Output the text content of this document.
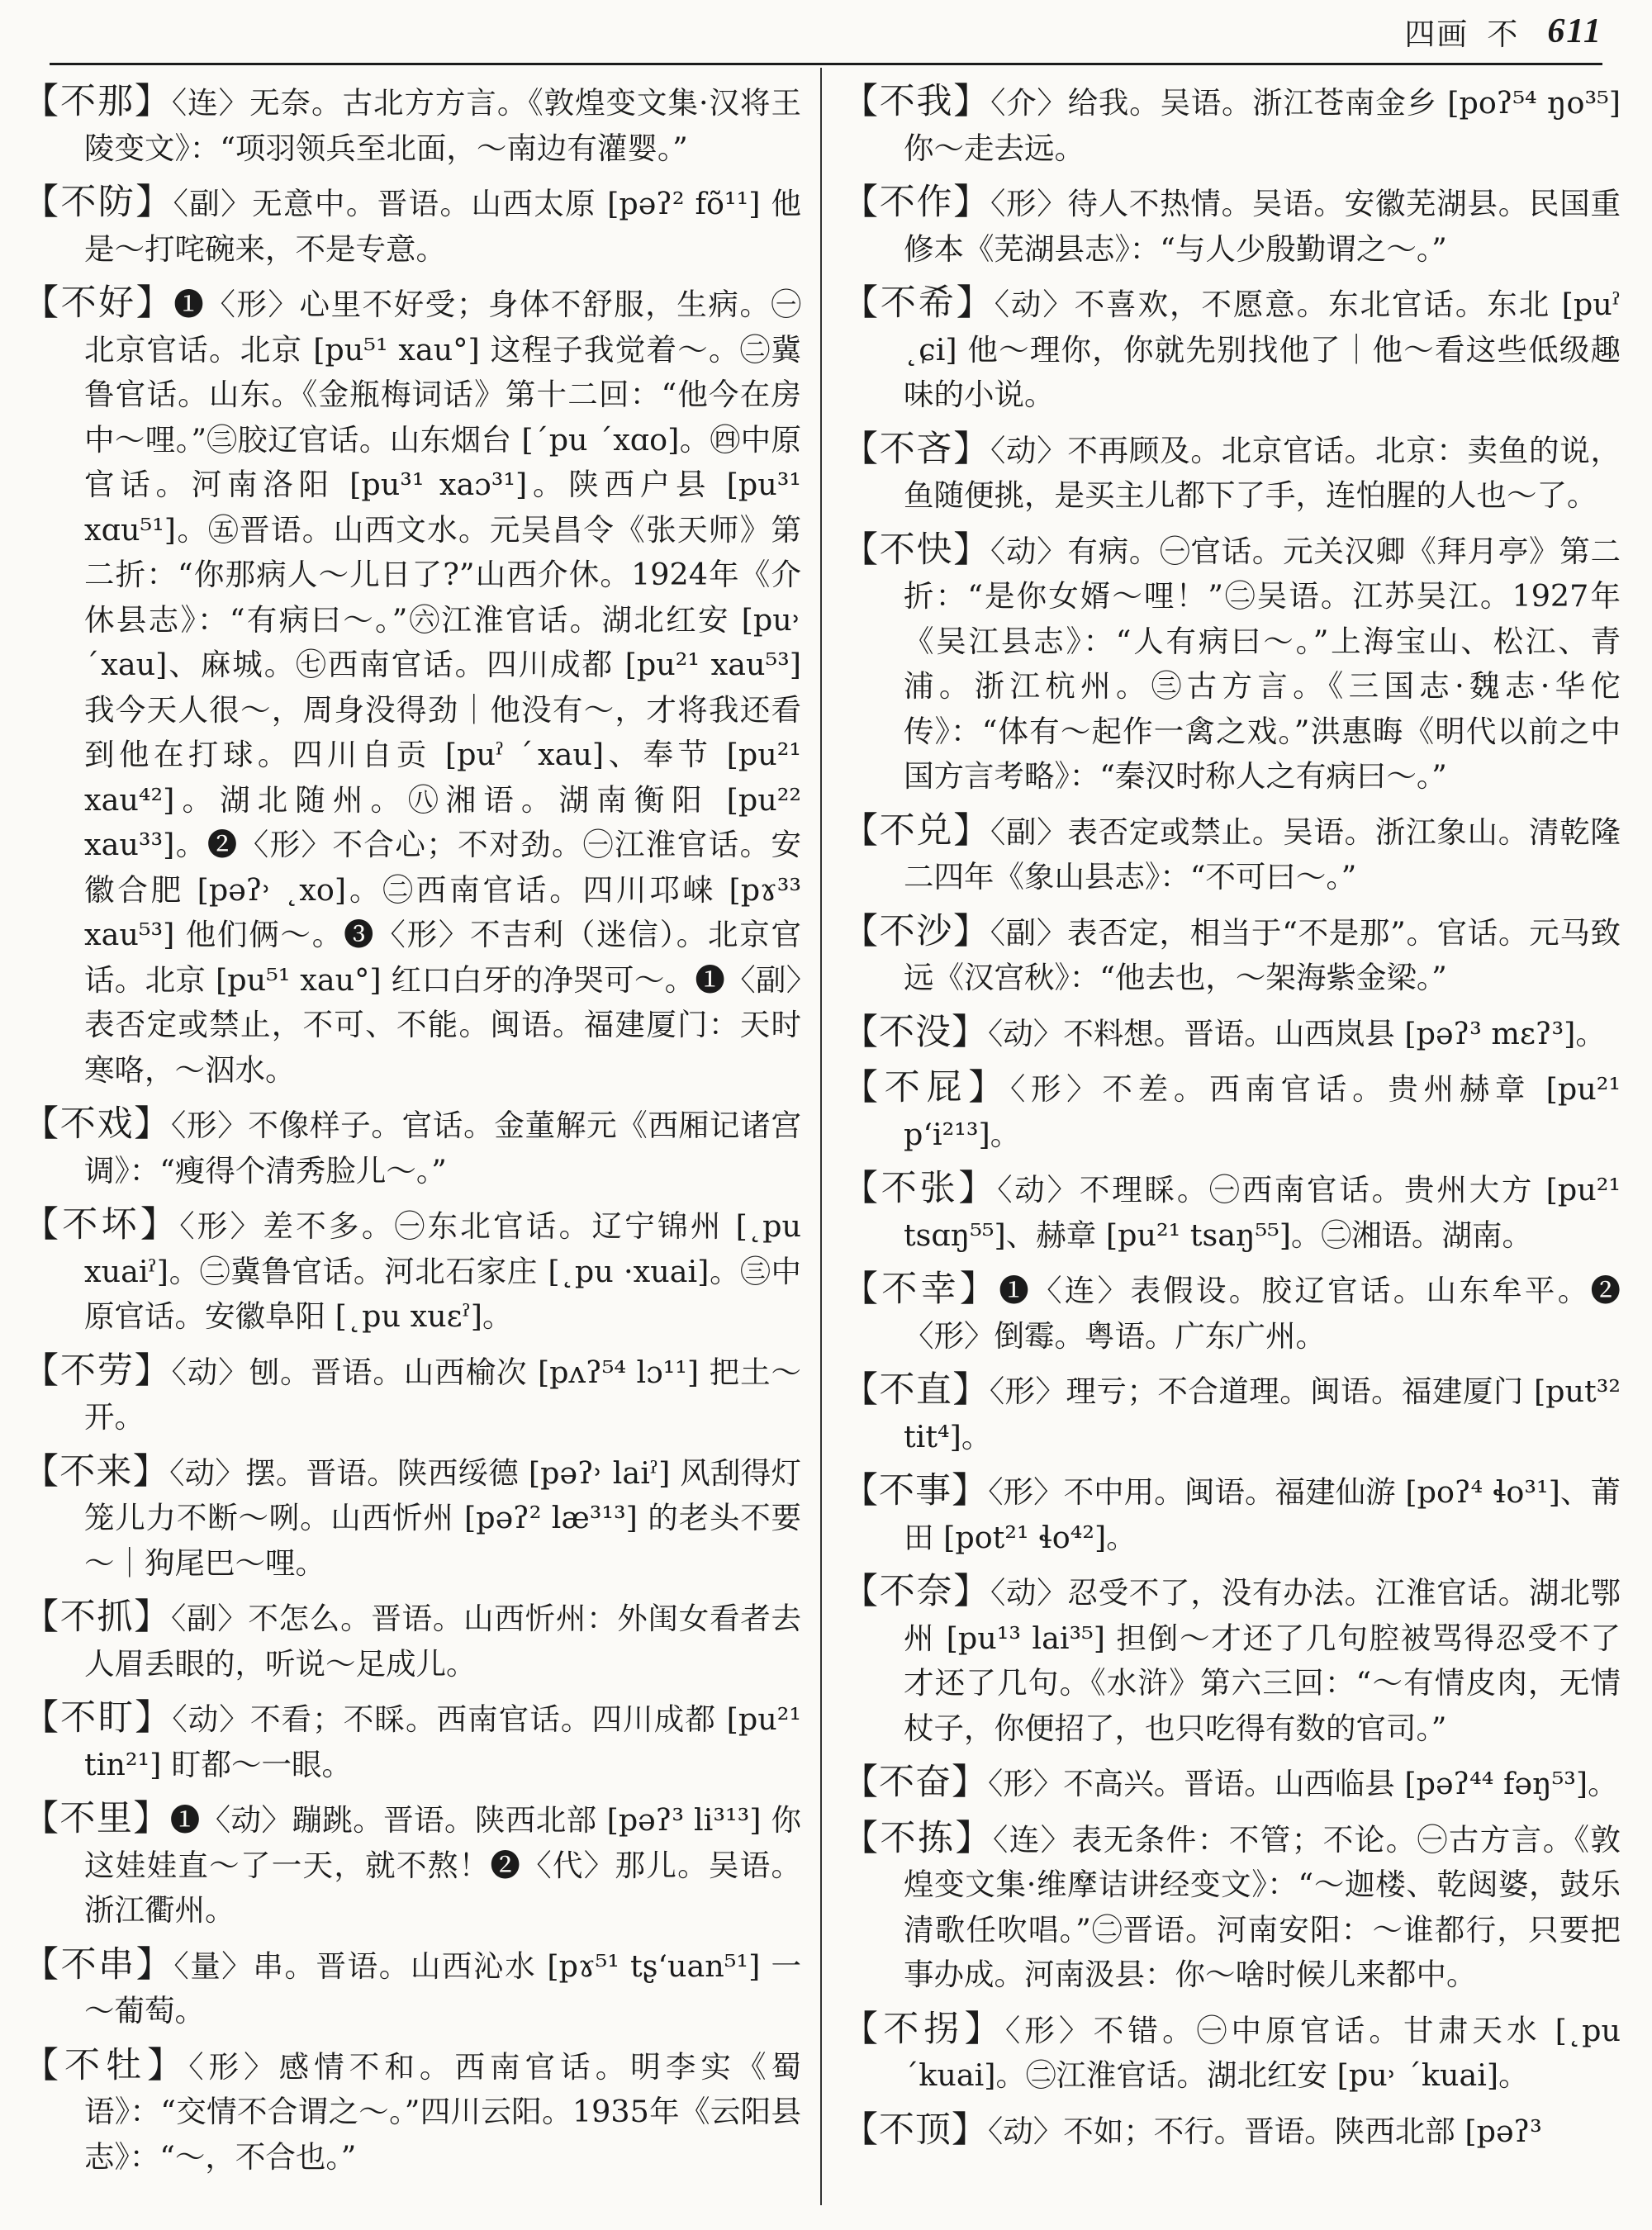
四画 不 611

【不那】〈连〉无奈。古北方方言。《敦煌变文集·汉将王陵变文》：“项羽领兵至北面，～南边有灌婴。”

【不防】〈副〉无意中。晋语。山西太原 [pəʔ² fõ¹¹] 他是～打咤碗来，不是专意。

【不好】❶〈形〉心里不好受；身体不舒服，生病。㊀北京官话。北京 [pu⁵¹ xau°] 这程子我觉着～。㊁冀鲁官话。山东。《金瓶梅词话》第十二回：“他今在房中～哩。”㊂胶辽官话。山东烟台 [ˊpu ˊxɑo]。㊃中原官话。河南洛阳 [pu³¹ xaɔ³¹]。陕西户县 [pu³¹ xɑu⁵¹]。㊄晋语。山西文水。元吴昌令《张天师》第二折：“你那病人～儿日了?”山西介休。1924年《介休县志》：“有病曰～。”㊅江淮官话。湖北红安 [pu˒ ˊxau]、麻城。㊆西南官话。四川成都 [pu²¹ xau⁵³] 我今天人很～，周身没得劲｜他没有～，才将我还看到他在打球。四川自贡 [puˀ ˊxau]、奉节 [pu²¹ xau⁴²]。湖北随州。㊇湘语。湖南衡阳 [pu²² xau³³]。❷〈形〉不合心；不对劲。㊀江淮官话。安徽合肥 [pəʔ˒ ˛xo]。㊁西南官话。四川邛崃 [pɤ³³ xau⁵³] 他们俩～。❸〈形〉不吉利（迷信）。北京官话。北京 [pu⁵¹ xau°] 红口白牙的净哭可～。❶〈副〉表否定或禁止，不可、不能。闽语。福建厦门：天时寒咯，～泅水。

【不戏】〈形〉不像样子。官话。金董解元《西厢记诸宫调》：“瘦得个清秀脸儿～。”

【不坏】〈形〉差不多。㊀东北官话。辽宁锦州 [˛pu xuaiˀ]。㊁冀鲁官话。河北石家庄 [˛pu ·xuai]。㊂中原官话。安徽阜阳 [˛pu xuεˀ]。

【不劳】〈动〉刨。晋语。山西榆次 [pʌʔ⁵⁴ lɔ¹¹] 把土～开。

【不来】〈动〉摆。晋语。陕西绥德 [pəʔ˒ laiˀ] 风刮得灯笼儿力不断～咧。山西忻州 [pəʔ² læ³¹³] 的老头不要～｜狗尾巴～哩。

【不抓】〈副〉不怎么。晋语。山西忻州：外闺女看者去人眉丢眼的，听说～足成儿。

【不盯】〈动〉不看；不睬。西南官话。四川成都 [pu²¹ tin²¹] 盯都～一眼。

【不里】❶〈动〉蹦跳。晋语。陕西北部 [pəʔ³ li³¹³] 你这娃娃直～了一天，就不熬！❷〈代〉那儿。吴语。浙江衢州。

【不串】〈量〉串。晋语。山西沁水 [pɤ⁵¹ tʂʻuan⁵¹] 一～葡萄。

【不牡】〈形〉感情不和。西南官话。明李实《蜀语》：“交情不合谓之～。”四川云阳。1935年《云阳县志》：“～，不合也。”

【不我】〈介〉给我。吴语。浙江苍南金乡 [poʔ⁵⁴ ŋo³⁵] 你～走去远。

【不作】〈形〉待人不热情。吴语。安徽芜湖县。民国重修本《芜湖县志》：“与人少殷勤谓之～。”

【不希】〈动〉不喜欢，不愿意。东北官话。东北 [puˀ ˛ɕi] 他～理你，你就先别找他了｜他～看这些低级趣味的小说。

【不吝】〈动〉不再顾及。北京官话。北京：卖鱼的说，鱼随便挑，是买主儿都下了手，连怕腥的人也～了。

【不快】〈动〉有病。㊀官话。元关汉卿《拜月亭》第二折：“是你女婿～哩！”㊁吴语。江苏吴江。1927年《吴江县志》：“人有病曰～。”上海宝山、松江、青浦。浙江杭州。㊂古方言。《三国志·魏志·华佗传》：“体有～起作一禽之戏。”洪惠晦《明代以前之中国方言考略》：“秦汉时称人之有病曰～。”

【不兑】〈副〉表否定或禁止。吴语。浙江象山。清乾隆二四年《象山县志》：“不可曰～。”

【不沙】〈副〉表否定，相当于“不是那”。官话。元马致远《汉宫秋》：“他去也，～架海紫金梁。”

【不没】〈动〉不料想。晋语。山西岚县 [pəʔ³ mεʔ³]。

【不屁】〈形〉不差。西南官话。贵州赫章 [pu²¹ pʻi²¹³]。

【不张】〈动〉不理睬。㊀西南官话。贵州大方 [pu²¹ tsɑŋ⁵⁵]、赫章 [pu²¹ tsaŋ⁵⁵]。㊁湘语。湖南。

【不幸】❶〈连〉表假设。胶辽官话。山东牟平。❷〈形〉倒霉。粤语。广东广州。

【不直】〈形〉理亏；不合道理。闽语。福建厦门 [put³² tit⁴]。

【不事】〈形〉不中用。闽语。福建仙游 [poʔ⁴ ɬo³¹]、莆田 [pot²¹ ɬo⁴²]。

【不奈】〈动〉忍受不了，没有办法。江淮官话。湖北鄂州 [pu¹³ lai³⁵] 担倒～才还了几句腔被骂得忍受不了才还了几句。《水浒》第六三回：“～有情皮肉，无情杖子，你便招了，也只吃得有数的官司。”

【不奋】〈形〉不高兴。晋语。山西临县 [pəʔ⁴⁴ fəŋ⁵³]。

【不拣】〈连〉表无条件：不管；不论。㊀古方言。《敦煌变文集·维摩诘讲经变文》：“～迦楼、乾闼婆，鼓乐清歌任吹唱。”㊁晋语。河南安阳：～谁都行，只要把事办成。河南汲县：你～啥时候儿来都中。

【不拐】〈形〉不错。㊀中原官话。甘肃天水 [˛pu ˊkuai]。㊁江淮官话。湖北红安 [pu˒ ˊkuai]。

【不顶】〈动〉不如；不行。晋语。陕西北部 [pəʔ³
